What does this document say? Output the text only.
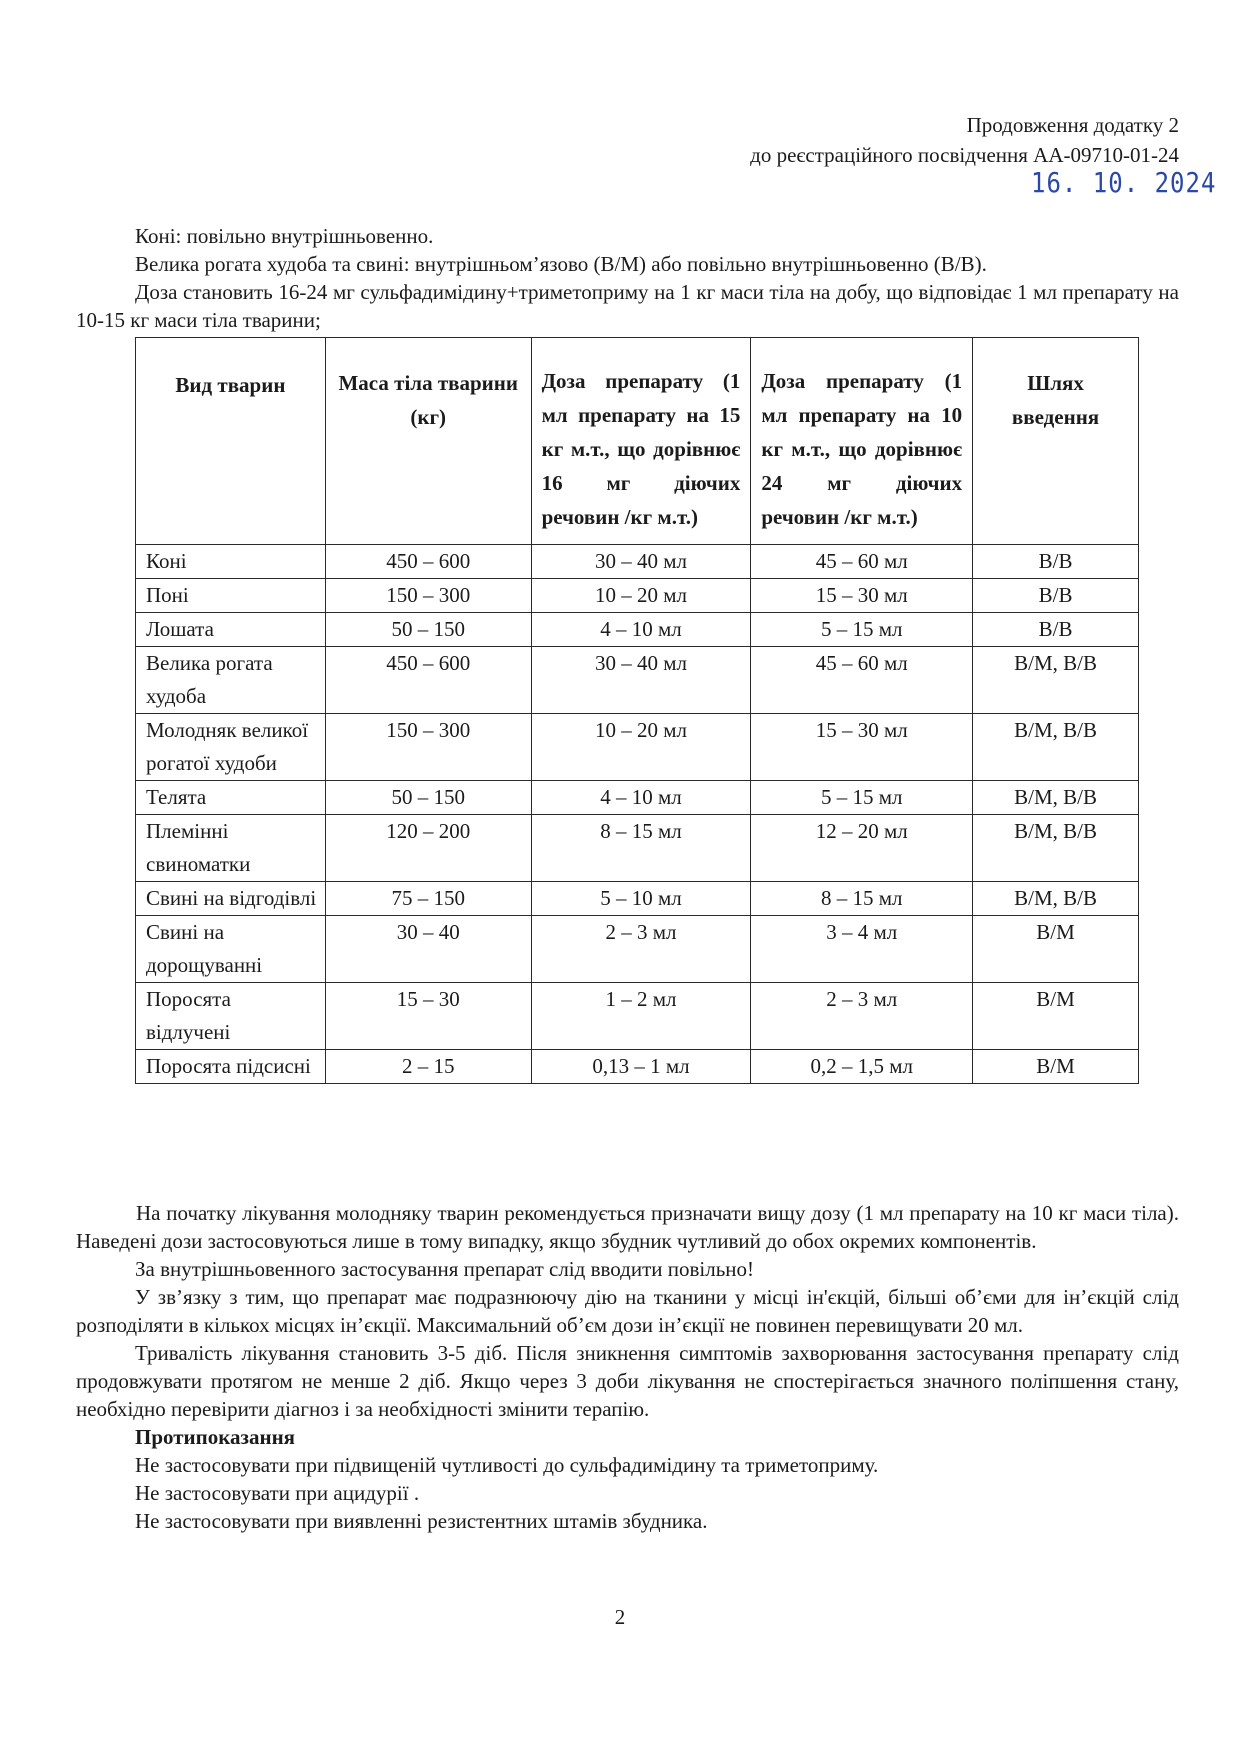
Продовження додатку 2
до реєстраційного посвідчення АА-09710-01-24
16. 10. 2024

Коні: повільно внутрішньовенно.

Велика рогата худоба та свині: внутрішньом’язово (В/М) або повільно внутрішньовенно (В/В).

Доза становить 16-24 мг сульфадимідину+триметоприму на 1 кг маси тіла на добу, що відповідає 1 мл препарату на 10-15 кг маси тіла тварини;

Вид тварин	Маса тіла тварини (кг)	Доза препарату (1 мл препарату на 15 кг м.т., що дорівнює 16 мг діючих речовин /кг м.т.)	Доза препарату (1 мл препарату на 10 кг м.т., що дорівнює 24 мг діючих речовин /кг м.т.)	Шлях введення
Коні	450 – 600	30 – 40 мл	45 – 60 мл	В/В
Поні	150 – 300	10 – 20 мл	15 – 30 мл	В/В
Лошата	50 – 150	4 – 10 мл	5 – 15 мл	В/В
Велика рогата худоба	450 – 600	30 – 40 мл	45 – 60 мл	В/М, В/В
Молодняк великої рогатої худоби	150 – 300	10 – 20 мл	15 – 30 мл	В/М, В/В
Телята	50 – 150	4 – 10 мл	5 – 15 мл	В/М, В/В
Племінні свиноматки	120 – 200	8 – 15 мл	12 – 20 мл	В/М, В/В
Свині на відгодівлі	75 – 150	5 – 10 мл	8 – 15 мл	В/М, В/В
Свині на дорощуванні	30 – 40	2 – 3 мл	3 – 4 мл	В/М
Поросята відлучені	15 – 30	1 – 2 мл	2 – 3 мл	В/М
Поросята підсисні	2 – 15	0,13 – 1 мл	0,2 – 1,5 мл	В/М

На початку лікування молодняку тварин рекомендується призначати вищу дозу (1 мл препарату на 10 кг маси тіла). Наведені дози застосовуються лише в тому випадку, якщо збудник чутливий до обох окремих компонентів.

За внутрішньовенного застосування препарат слід вводити повільно!

У зв’язку з тим, що препарат має подразнюючу дію на тканини у місці ін'єкцій, більші об’єми для ін’єкцій слід розподіляти в кількох місцях ін’єкції. Максимальний об’єм дози ін’єкції не повинен перевищувати 20 мл.

Тривалість лікування становить 3-5 діб. Після зникнення симптомів захворювання застосування препарату слід продовжувати протягом не менше 2 діб. Якщо через 3 доби лікування не спостерігається значного поліпшення стану, необхідно перевірити діагноз і за необхідності змінити терапію.

Протипоказання

Не застосовувати при підвищеній чутливості до сульфадимідину та триметоприму.

Не застосовувати при ацидурії .

Не застосовувати при виявленні резистентних штамів збудника.

2
